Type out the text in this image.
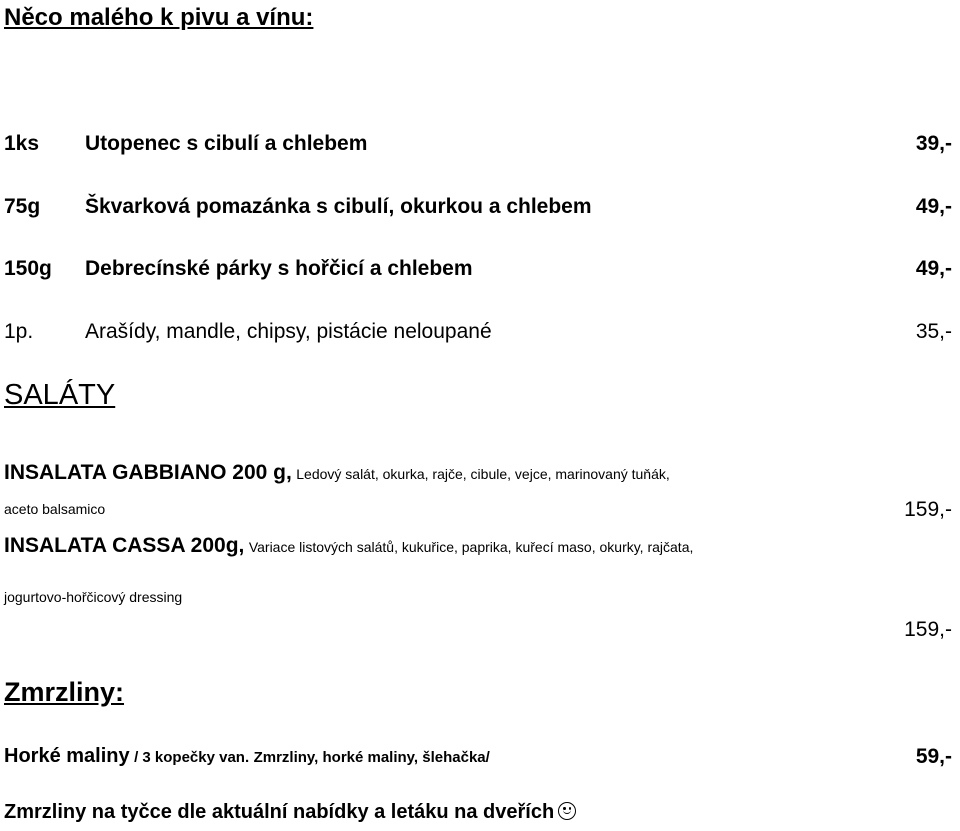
Něco malého k pivu a vínu:
1ks Utopenec s cibulí a chlebem	39,-
75g Škvarková pomazánka s cibulí, okurkou a chlebem	49,-
150g Debrecínské párky s hořčicí a chlebem	49,-
1p. Arašídy, mandle, chipsy, pistácie neloupané	35,-
SALÁTY
INSALATA GABBIANO 200 g, Ledový salát, okurka, rajče, cibule, vejce, marinovaný tuňák,
aceto balsamico	159,-
INSALATA CASSA 200g, Variace listových salátů, kukuřice, paprika, kuřecí maso, okurky, rajčata,
jogurtovo-hořčicový dressing
159,-
Zmrzliny:
Horké maliny / 3 kopečky van. Zmrzliny, horké maliny, šlehačka/	59,-
Zmrzliny na tyčce dle aktuální nabídky a letáku na dveřích
